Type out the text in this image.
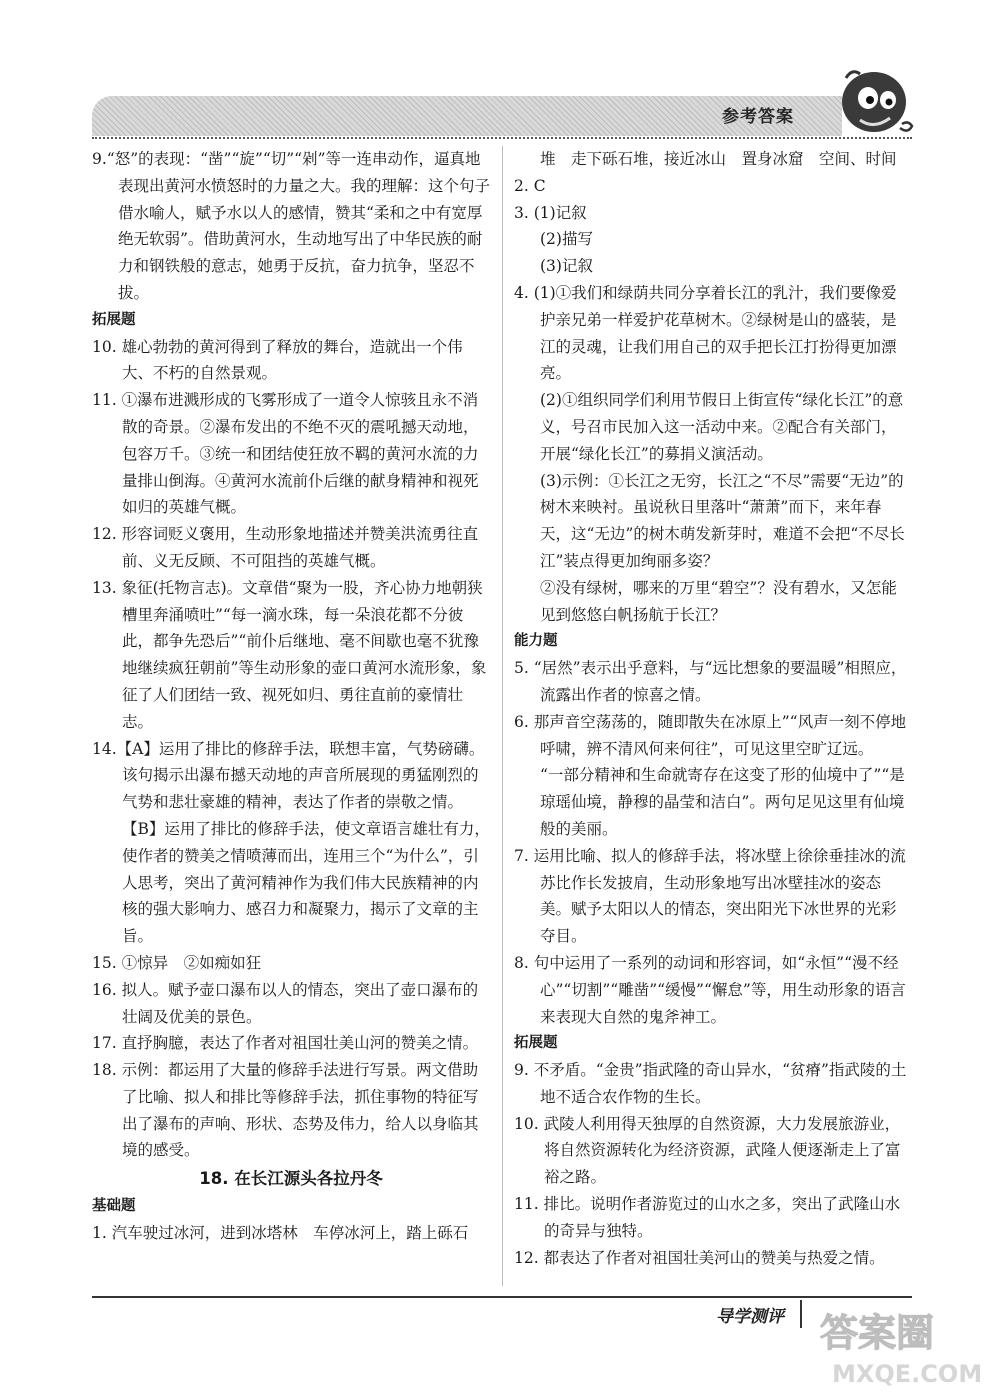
参考答案

9.“怒”的表现：“凿”“旋”“切”“剁”等一连串动作，逼真地表现出黄河水愤怒时的力量之大。我的理解：这个句子借水喻人，赋予水以人的感情，赞其“柔和之中有宽厚绝无软弱”。借助黄河水，生动地写出了中华民族的耐力和钢铁般的意志，她勇于反抗，奋力抗争，坚忍不拔。

拓展题

10. 雄心勃勃的黄河得到了释放的舞台，造就出一个伟大、不朽的自然景观。

11. ①瀑布进溅形成的飞雾形成了一道令人惊骇且永不消散的奇景。②瀑布发出的不绝不灭的震吼撼天动地，包容万千。③统一和团结使狂放不羁的黄河水流的力量排山倒海。④黄河水流前仆后继的献身精神和视死如归的英雄气概。

12. 形容词贬义褒用，生动形象地描述并赞美洪流勇往直前、义无反顾、不可阻挡的英雄气概。

13. 象征(托物言志)。文章借“聚为一股，齐心协力地朝狭槽里奔涌喷吐”“每一滴水珠，每一朵浪花都不分彼此，都争先恐后”“前仆后继地、毫不间歇也毫不犹豫地继续疯狂朝前”等生动形象的壶口黄河水流形象，象征了人们团结一致、视死如归、勇往直前的豪情壮志。

14.【A】运用了排比的修辞手法，联想丰富，气势磅礴。该句揭示出瀑布撼天动地的声音所展现的勇猛刚烈的气势和悲壮豪雄的精神，表达了作者的崇敬之情。

【B】运用了排比的修辞手法，使文章语言雄壮有力，使作者的赞美之情喷薄而出，连用三个“为什么”，引人思考，突出了黄河精神作为我们伟大民族精神的内核的强大影响力、感召力和凝聚力，揭示了文章的主旨。

15. ①惊异　②如痴如狂

16. 拟人。赋予壶口瀑布以人的情态，突出了壶口瀑布的壮阔及优美的景色。

17. 直抒胸臆，表达了作者对祖国壮美山河的赞美之情。

18. 示例：都运用了大量的修辞手法进行写景。两文借助了比喻、拟人和排比等修辞手法，抓住事物的特征写出了瀑布的声响、形状、态势及伟力，给人以身临其境的感受。

18. 在长江源头各拉丹冬

基础题

1. 汽车驶过冰河，进到冰塔林　车停冰河上，踏上砾石

堆　走下砾石堆，接近冰山　置身冰窟　空间、时间

2. C

3. (1)记叙

(2)描写

(3)记叙

4. (1)①我们和绿荫共同分享着长江的乳汁，我们要像爱护亲兄弟一样爱护花草树木。②绿树是山的盛装，是江的灵魂，让我们用自己的双手把长江打扮得更加漂亮。

(2)①组织同学们利用节假日上街宣传“绿化长江”的意义，号召市民加入这一活动中来。②配合有关部门，开展“绿化长江”的募捐义演活动。

(3)示例：①长江之无穷，长江之“不尽”需要“无边”的树木来映衬。虽说秋日里落叶“萧萧”而下，来年春天，这“无边”的树木萌发新芽时，难道不会把“不尽长江”装点得更加绚丽多姿？

②没有绿树，哪来的万里“碧空”？没有碧水，又怎能见到悠悠白帆扬航于长江？

能力题

5. “居然”表示出乎意料，与“远比想象的要温暖”相照应，流露出作者的惊喜之情。

6. 那声音空荡荡的，随即散失在冰原上”“风声一刻不停地呼啸，辨不清风何来何往”，可见这里空旷辽远。

“一部分精神和生命就寄存在这变了形的仙境中了”“是琼瑶仙境，静穆的晶莹和洁白”。两句足见这里有仙境般的美丽。

7. 运用比喻、拟人的修辞手法，将冰壁上徐徐垂挂冰的流苏比作长发披肩，生动形象地写出冰壁挂冰的姿态美。赋予太阳以人的情态，突出阳光下冰世界的光彩夺目。

8. 句中运用了一系列的动词和形容词，如“永恒”“漫不经心”“切割”“雕凿”“缓慢”“懈怠”等，用生动形象的语言来表现大自然的鬼斧神工。

拓展题

9. 不矛盾。“金贵”指武隆的奇山异水，“贫瘠”指武陵的土地不适合农作物的生长。

10. 武陵人利用得天独厚的自然资源，大力发展旅游业，将自然资源转化为经济资源，武隆人便逐渐走上了富裕之路。

11. 排比。说明作者游览过的山水之多，突出了武隆山水的奇异与独特。

12. 都表达了作者对祖国壮美河山的赞美与热爱之情。

导学测评 答案圈
MXQE.COM
